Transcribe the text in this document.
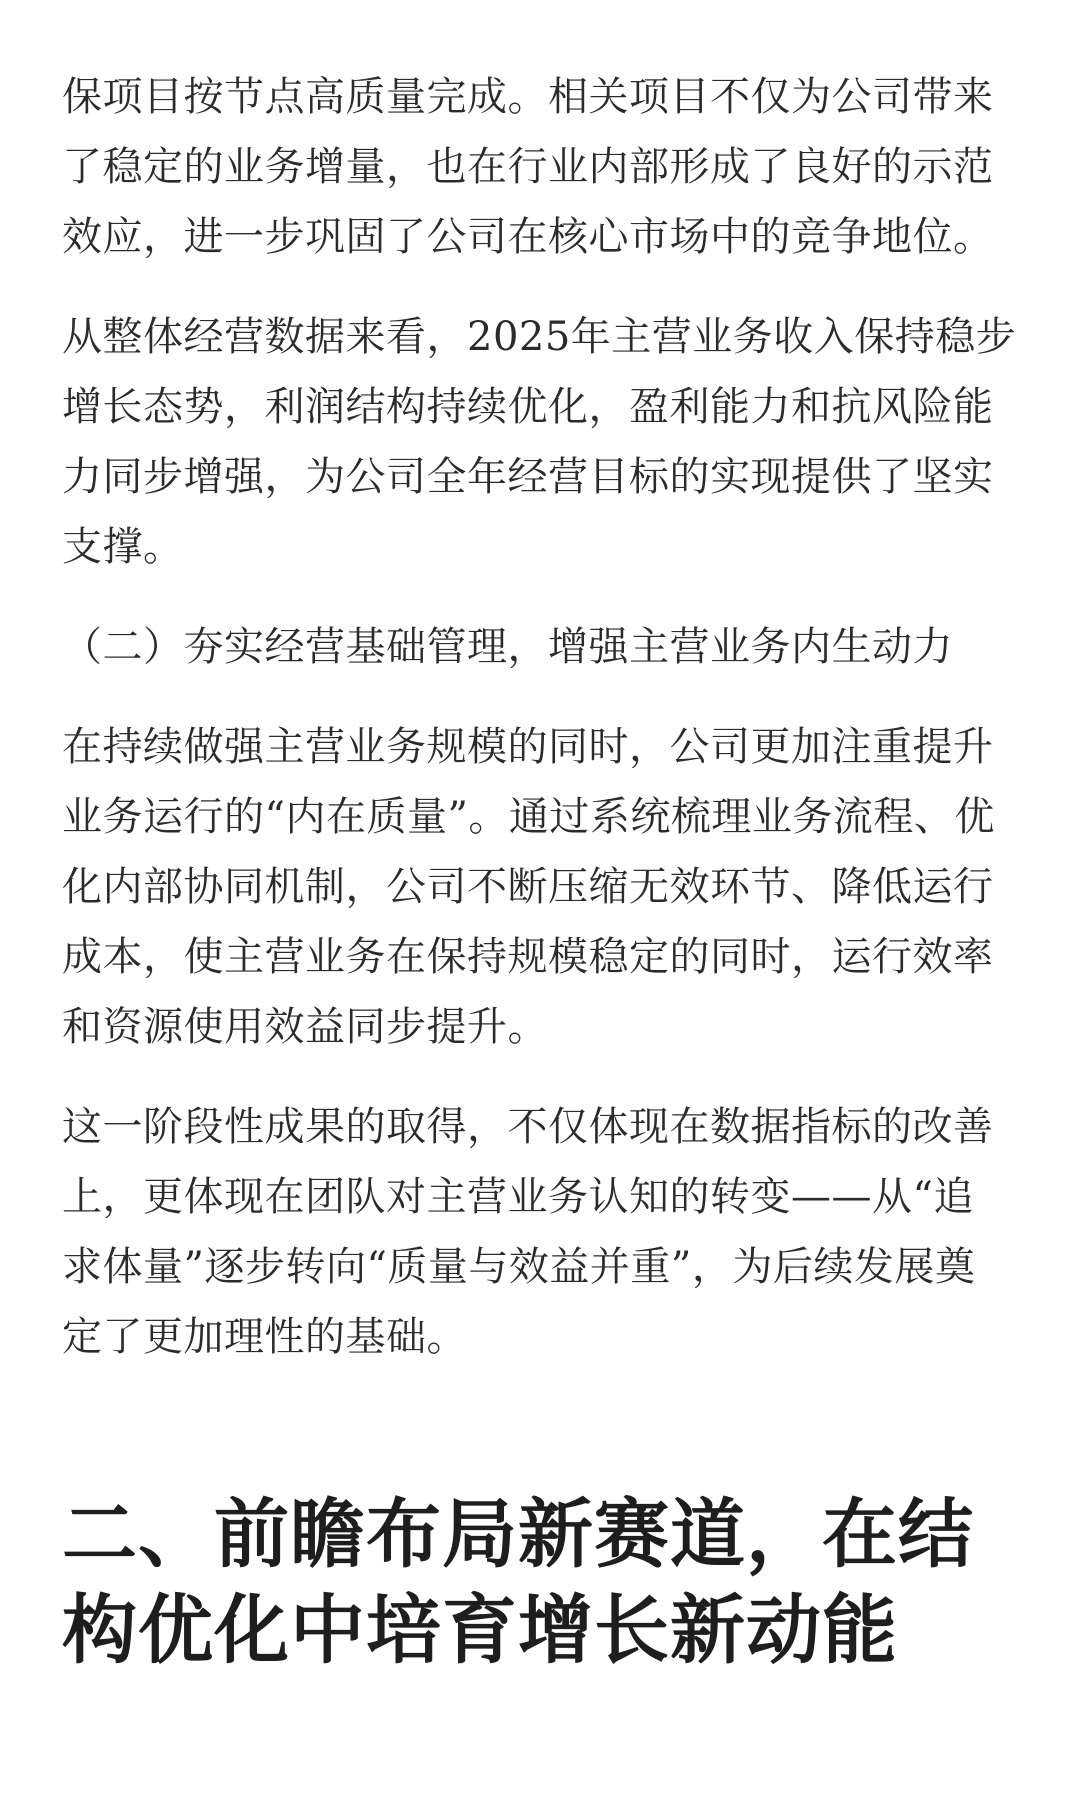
保项目按节点高质量完成。相关项目不仅为公司带来
了稳定的业务增量，也在行业内部形成了良好的示范
效应，进一步巩固了公司在核心市场中的竞争地位。

从整体经营数据来看，2025年主营业务收入保持稳步
增长态势，利润结构持续优化，盈利能力和抗风险能
力同步增强，为公司全年经营目标的实现提供了坚实
支撑。

（二）夯实经营基础管理，增强主营业务内生动力

在持续做强主营业务规模的同时，公司更加注重提升
业务运行的“内在质量”。通过系统梳理业务流程、优
化内部协同机制，公司不断压缩无效环节、降低运行
成本，使主营业务在保持规模稳定的同时，运行效率
和资源使用效益同步提升。

这一阶段性成果的取得，不仅体现在数据指标的改善
上，更体现在团队对主营业务认知的转变——从“追
求体量”逐步转向“质量与效益并重”，为后续发展奠
定了更加理性的基础。

二、前瞻布局新赛道，在结
构优化中培育增长新动能
